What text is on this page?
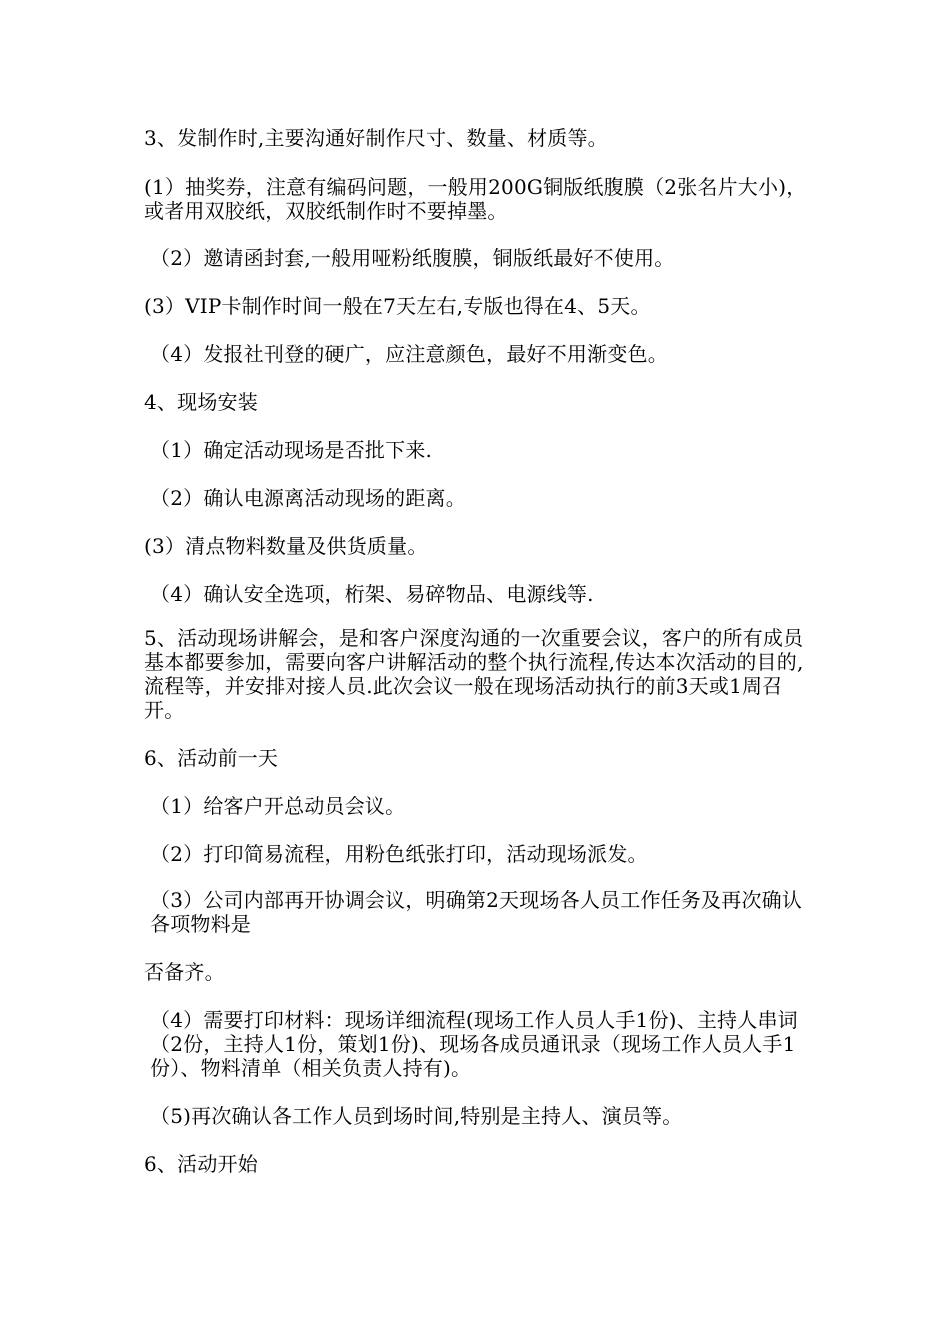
3、发制作时,主要沟通好制作尺寸、数量、材质等。

(1）抽奖券，注意有编码问题，一般用200G铜版纸腹膜（2张名片大小)，或者用双胶纸，双胶纸制作时不要掉墨。

（2）邀请函封套,一般用哑粉纸腹膜，铜版纸最好不使用。

(3）VIP卡制作时间一般在7天左右,专版也得在4、5天。

（4）发报社刊登的硬广，应注意颜色，最好不用渐变色。

4、现场安装

（1）确定活动现场是否批下来.

（2）确认电源离活动现场的距离。

(3）清点物料数量及供货质量。

（4）确认安全选项，桁架、易碎物品、电源线等.

5、活动现场讲解会，是和客户深度沟通的一次重要会议，客户的所有成员基本都要参加，需要向客户讲解活动的整个执行流程,传达本次活动的目的,流程等，并安排对接人员.此次会议一般在现场活动执行的前3天或1周召开。

6、活动前一天

（1）给客户开总动员会议。

（2）打印简易流程，用粉色纸张打印，活动现场派发。

（3）公司内部再开协调会议，明确第2天现场各人员工作任务及再次确认各项物料是

否备齐。

（4）需要打印材料：现场详细流程(现场工作人员人手1份)、主持人串词（2份，主持人1份，策划1份)、现场各成员通讯录（现场工作人员人手1份）、物料清单（相关负责人持有)。

（5)再次确认各工作人员到场时间,特别是主持人、演员等。

6、活动开始
